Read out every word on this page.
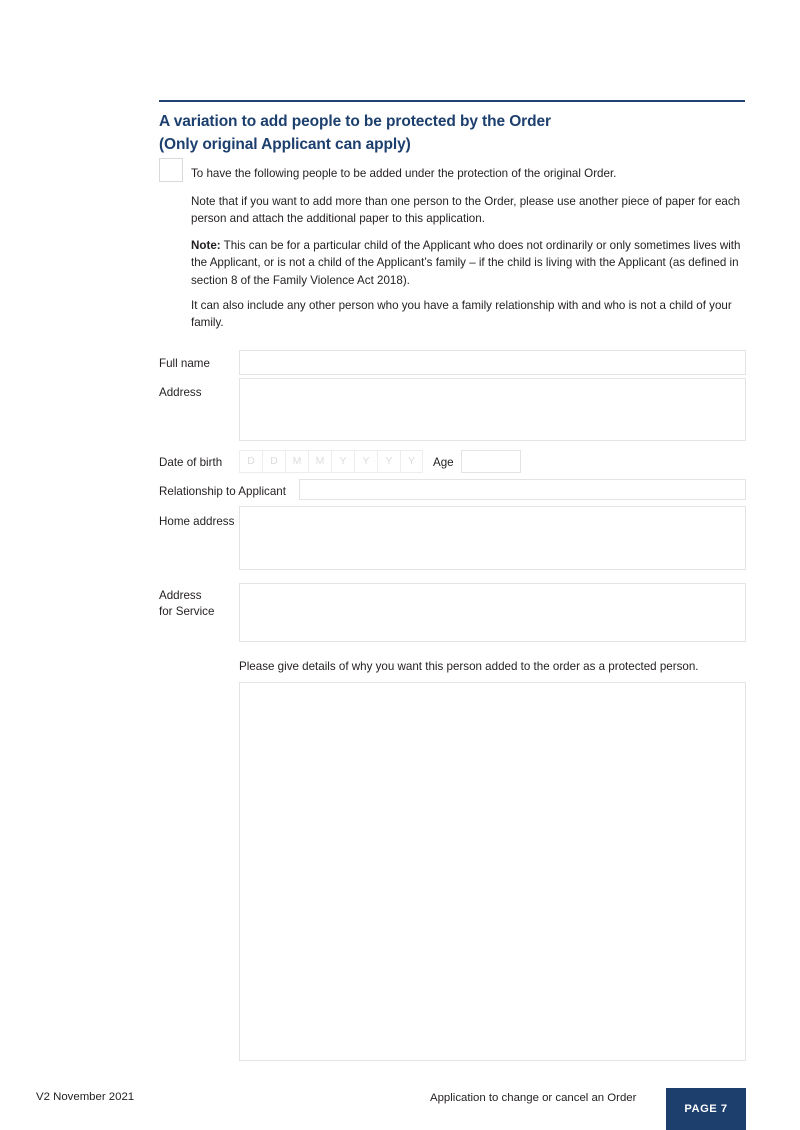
A variation to add people to be protected by the Order
(Only original Applicant can apply)
To have the following people to be added under the protection of the original Order.
Note that if you want to add more than one person to the Order, please use another piece of paper for each person and attach the additional paper to this application.
Note: This can be for a particular child of the Applicant who does not ordinarily or only sometimes lives with the Applicant, or is not a child of the Applicant’s family – if the child is living with the Applicant (as defined in section 8 of the Family Violence Act 2018).
It can also include any other person who you have a family relationship with and who is not a child of your family.
Full name
Address
Date of birth	D	D	M	M	Y	Y	Y	Y	Age
Relationship to Applicant
Home address
Address
for Service
Please give details of why you want this person added to the order as a protected person.
V2 November 2021	Application to change or cancel an Order
PAGE 7
